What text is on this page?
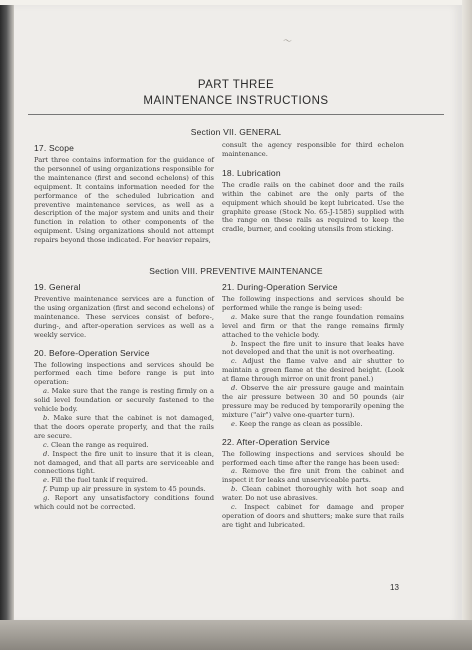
〜
PART THREE
MAINTENANCE INSTRUCTIONS
Section VII. GENERAL
17. Scope

Part three contains information for the guidance of the personnel of using organizations responsible for the maintenance (first and second echelons) of this equipment. It contains information needed for the performance of the scheduled lubrication and preventive maintenance services, as well as a description of the major system and units and their function in relation to other components of the equipment. Using organizations should not attempt repairs beyond those indicated. For heavier repairs,

consult the agency responsible for third echelon maintenance.

18. Lubrication

The cradle rails on the cabinet door and the rails within the cabinet are the only parts of the equipment which should be kept lubricated. Use the graphite grease (Stock No. 65-J-1585) supplied with the range on these rails as required to keep the cradle, burner, and cooking utensils from sticking.

Section VIII. PREVENTIVE MAINTENANCE
19. General

Preventive maintenance services are a function of the using organization (first and second echelons) of maintenance. These services consist of before-, during-, and after-operation services as well as a weekly service.

20. Before-Operation Service

The following inspections and services should be performed each time before range is put into operation:

a. Make sure that the range is resting firmly on a solid level foundation or securely fastened to the vehicle body.

b. Make sure that the cabinet is not damaged, that the doors operate properly, and that the rails are secure.

c. Clean the range as required.

d. Inspect the fire unit to insure that it is clean, not damaged, and that all parts are serviceable and connections tight.

e. Fill the fuel tank if required.

f. Pump up air pressure in system to 45 pounds.

g. Report any unsatisfactory conditions found which could not be corrected.

21. During-Operation Service

The following inspections and services should be performed while the range is being used:

a. Make sure that the range foundation remains level and firm or that the range remains firmly attached to the vehicle body.

b. Inspect the fire unit to insure that leaks have not developed and that the unit is not overheating.

c. Adjust the flame valve and air shutter to maintain a green flame at the desired height. (Look at flame through mirror on unit front panel.)

d. Observe the air pressure gauge and maintain the air pressure between 30 and 50 pounds (air pressure may be reduced by temporarily opening the mixture ("air") valve one-quarter turn).

e. Keep the range as clean as possible.

22. After-Operation Service

The following inspections and services should be performed each time after the range has been used:

a. Remove the fire unit from the cabinet and inspect it for leaks and unserviceable parts.

b. Clean cabinet thoroughly with hot soap and water. Do not use abrasives.

c. Inspect cabinet for damage and proper operation of doors and shutters; make sure that rails are tight and lubricated.

13
